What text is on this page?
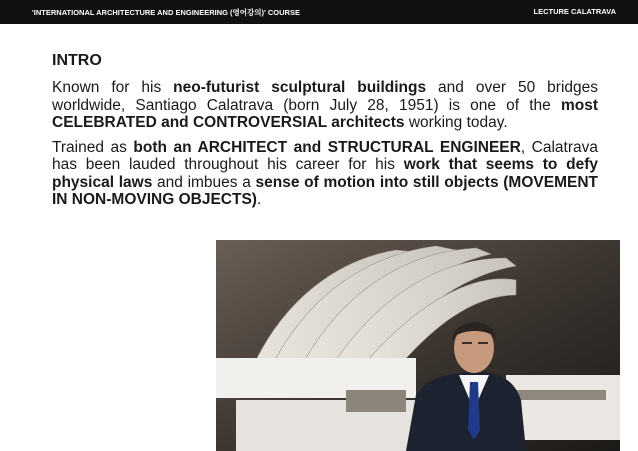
'INTERNATIONAL ARCHITECTURE AND ENGINEERING (영어강의)' COURSE	LECTURE CALATRAVA
INTRO

Known for his neo-futurist sculptural buildings and over 50 bridges worldwide, Santiago Calatrava (born July 28, 1951) is one of the most CELEBRATED and CONTROVERSIAL architects working today.

Trained as both an ARCHITECT and STRUCTURAL ENGINEER, Calatrava has been lauded throughout his career for his work that seems to defy physical laws and imbues a sense of motion into still objects (MOVEMENT IN NON-MOVING OBJECTS).
